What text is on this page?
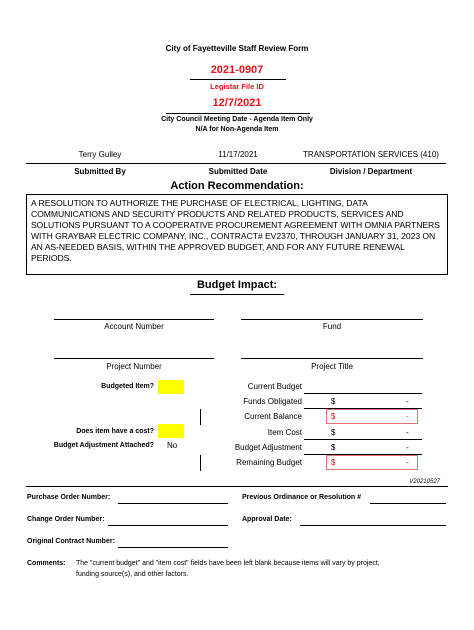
City of Fayetteville Staff Review Form
2021-0907
Legistar File ID
12/7/2021
City Council Meeting Date - Agenda Item Only
N/A for Non-Agenda Item
Terry Gulley	11/17/2021	TRANSPORTATION SERVICES (410)
Submitted By	Submitted Date	Division / Department
Action Recommendation:
A RESOLUTION TO AUTHORIZE THE PURCHASE OF ELECTRICAL, LIGHTING, DATA COMMUNICATIONS AND SECURITY PRODUCTS AND RELATED PRODUCTS, SERVICES AND SOLUTIONS PURSUANT TO A COOPERATIVE PROCUREMENT AGREEMENT WITH OMNIA PARTNERS WITH GRAYBAR ELECTRIC COMPANY, INC., CONTRACT# EV2370, THROUGH JANUARY 31, 2023 ON AN AS-NEEDED BASIS, WITHIN THE APPROVED BUDGET, AND FOR ANY FUTURE RENEWAL PERIODS.
Budget Impact:
Account Number	Fund
Project Number	Project Title
Budgeted Item?
Does item have a cost?
Budget Adjustment Attached? No
Current Budget
Funds Obligated	$	-
Current Balance	$	-
Item Cost	$	-
Budget Adjustment	$	-
Remaining Budget	$	-
V20210527
Purchase Order Number:	Previous Ordinance or Resolution #
Change Order Number:	Approval Date:
Original Contract Number:
Comments: The "current budget" and "item cost" fields have been left blank because items will vary by project,
funding source(s), and other factors.
